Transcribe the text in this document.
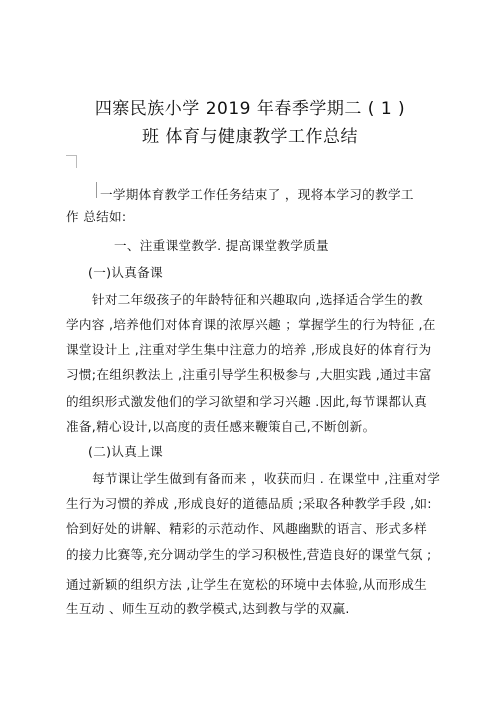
四寨民族小学 2019 年春季学期二 ( 1 )
班 体育与健康教学工作总结
一学期体育教学工作任务结束了 ，现将本学习的教学工
作 总结如:
一、注重课堂教学. 提高课堂教学质量
(一)认真备课
针对二年级孩子的年龄特征和兴趣取向 ,选择适合学生的教
学内容 ,培养他们对体育课的浓厚兴趣 ；掌握学生的行为特征 ,在
课堂设计上 ,注重对学生集中注意力的培养 ,形成良好的体育行为
习惯;在组织教法上 ,注重引导学生积极参与 ,大胆实践 ,通过丰富
的组织形式激发他们的学习欲望和学习兴趣 .因此,每节课都认真
准备,精心设计,以高度的责任感来鞭策自己,不断创新。
(二)认真上课
每节课让学生做到有备而来 ，收获而归 . 在课堂中 ,注重对学
生行为习惯的养成 ,形成良好的道德品质 ;采取各种教学手段 ,如:
恰到好处的讲解、精彩的示范动作、风趣幽默的语言、形式多样
的接力比赛等,充分调动学生的学习积极性,营造良好的课堂气氛 ;
通过新颖的组织方法 ,让学生在宽松的环境中去体验,从而形成生
生互动 、师生互动的教学模式,达到教与学的双赢.
